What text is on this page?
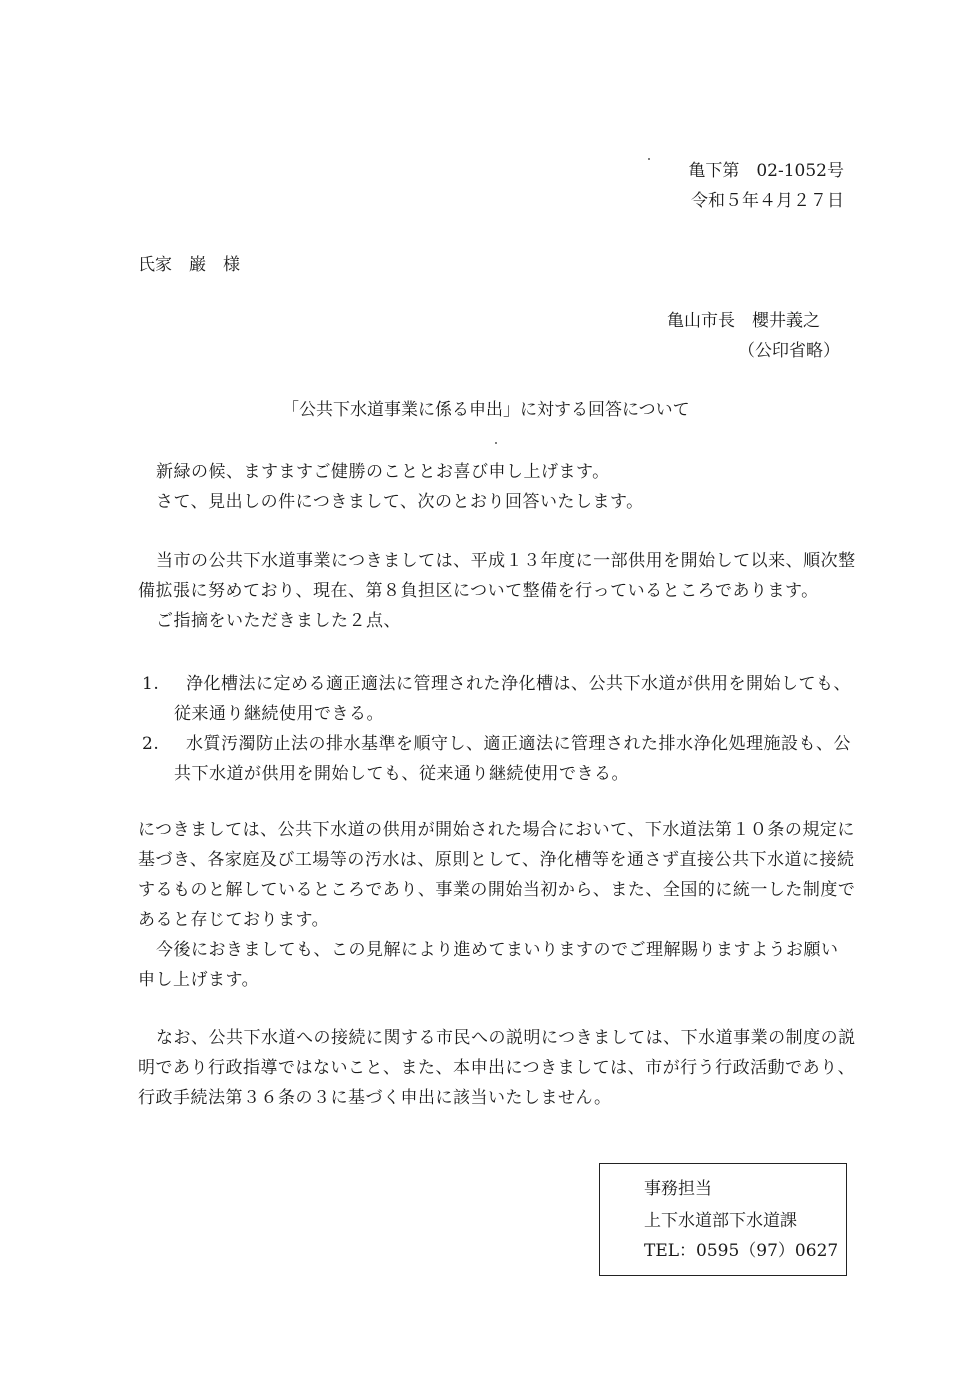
亀下第　02-1052号
令和５年４月２７日
氏家　巌　様
亀山市長　櫻井義之
（公印省略）
「公共下水道事業に係る申出」に対する回答について
新緑の候、ますますご健勝のこととお喜び申し上げます。
さて、見出しの件につきまして、次のとおり回答いたします。
当市の公共下水道事業につきましては、平成１３年度に一部供用を開始して以来、順次整
備拡張に努めており、現在、第８負担区について整備を行っているところであります。
ご指摘をいただきました２点、
1. 浄化槽法に定める適正適法に管理された浄化槽は、公共下水道が供用を開始しても、
従来通り継続使用できる。
2. 水質汚濁防止法の排水基準を順守し、適正適法に管理された排水浄化処理施設も、公
共下水道が供用を開始しても、従来通り継続使用できる。
につきましては、公共下水道の供用が開始された場合において、下水道法第１０条の規定に
基づき、各家庭及び工場等の汚水は、原則として、浄化槽等を通さず直接公共下水道に接続
するものと解しているところであり、事業の開始当初から、また、全国的に統一した制度で
あると存じております。
今後におきましても、この見解により進めてまいりますのでご理解賜りますようお願い
申し上げます。
なお、公共下水道への接続に関する市民への説明につきましては、下水道事業の制度の説
明であり行政指導ではないこと、また、本申出につきましては、市が行う行政活動であり、
行政手続法第３６条の３に基づく申出に該当いたしません。
事務担当
上下水道部下水道課
TEL：0595（97）0627
